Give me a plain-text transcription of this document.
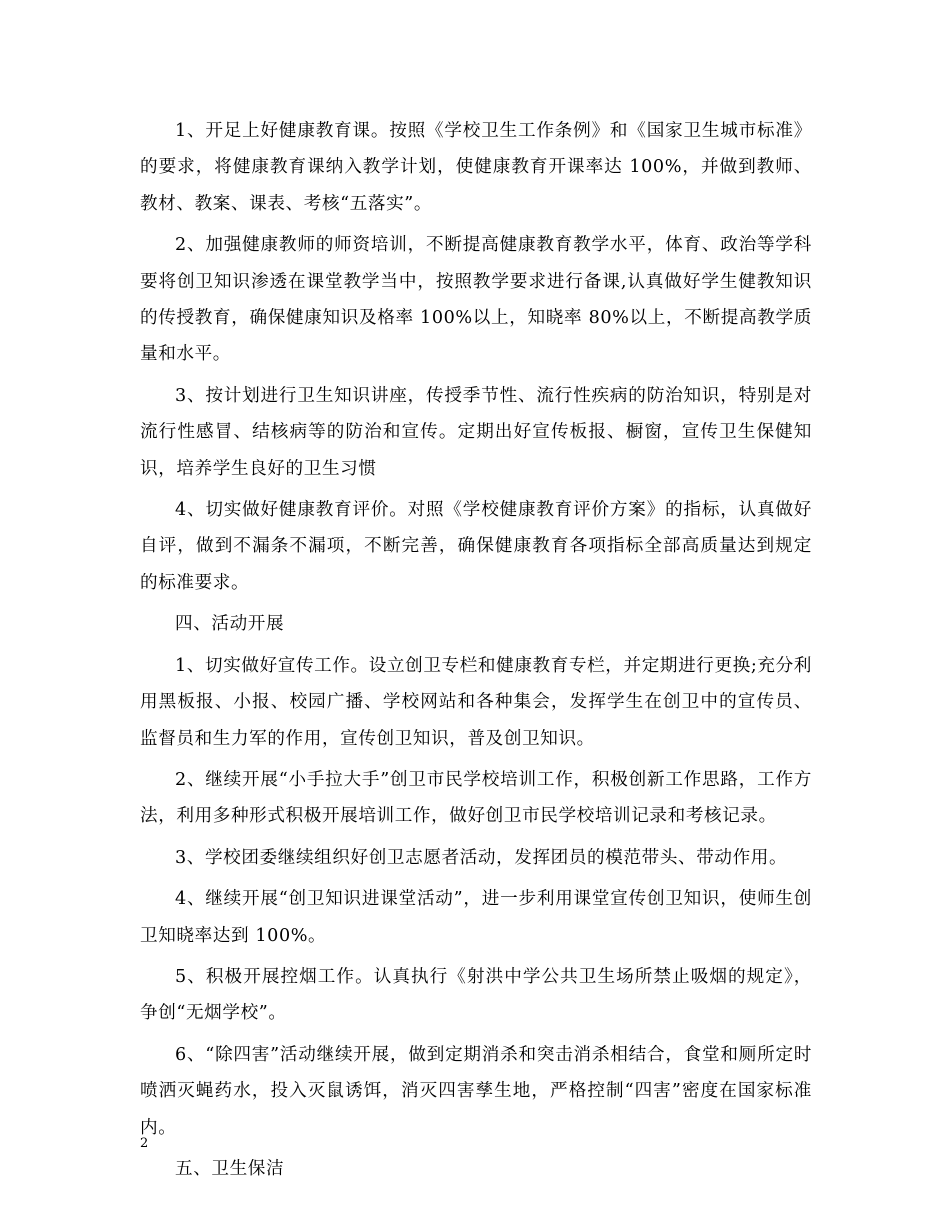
1、开足上好健康教育课。按照《学校卫生工作条例》和《国家卫生城市标准》的要求，将健康教育课纳入教学计划，使健康教育开课率达 100%，并做到教师、教材、教案、课表、考核“五落实”。

2、加强健康教师的师资培训，不断提高健康教育教学水平，体育、政治等学科要将创卫知识渗透在课堂教学当中，按照教学要求进行备课,认真做好学生健教知识的传授教育，确保健康知识及格率 100%以上，知晓率 80%以上，不断提高教学质量和水平。

3、按计划进行卫生知识讲座，传授季节性、流行性疾病的防治知识，特别是对流行性感冒、结核病等的防治和宣传。定期出好宣传板报、橱窗，宣传卫生保健知识，培养学生良好的卫生习惯

4、切实做好健康教育评价。对照《学校健康教育评价方案》的指标，认真做好自评，做到不漏条不漏项，不断完善，确保健康教育各项指标全部高质量达到规定的标准要求。

四、活动开展

1、切实做好宣传工作。设立创卫专栏和健康教育专栏，并定期进行更换;充分利用黑板报、小报、校园广播、学校网站和各种集会，发挥学生在创卫中的宣传员、监督员和生力军的作用，宣传创卫知识，普及创卫知识。

2、继续开展“小手拉大手”创卫市民学校培训工作，积极创新工作思路，工作方法，利用多种形式积极开展培训工作，做好创卫市民学校培训记录和考核记录。

3、学校团委继续组织好创卫志愿者活动，发挥团员的模范带头、带动作用。

4、继续开展“创卫知识进课堂活动”，进一步利用课堂宣传创卫知识，使师生创卫知晓率达到 100%。

5、积极开展控烟工作。认真执行《射洪中学公共卫生场所禁止吸烟的规定》，争创“无烟学校”。

6、“除四害”活动继续开展，做到定期消杀和突击消杀相结合，食堂和厕所定时喷洒灭蝇药水，投入灭鼠诱饵，消灭四害孳生地，严格控制“四害”密度在国家标准内。

五、卫生保洁

2
